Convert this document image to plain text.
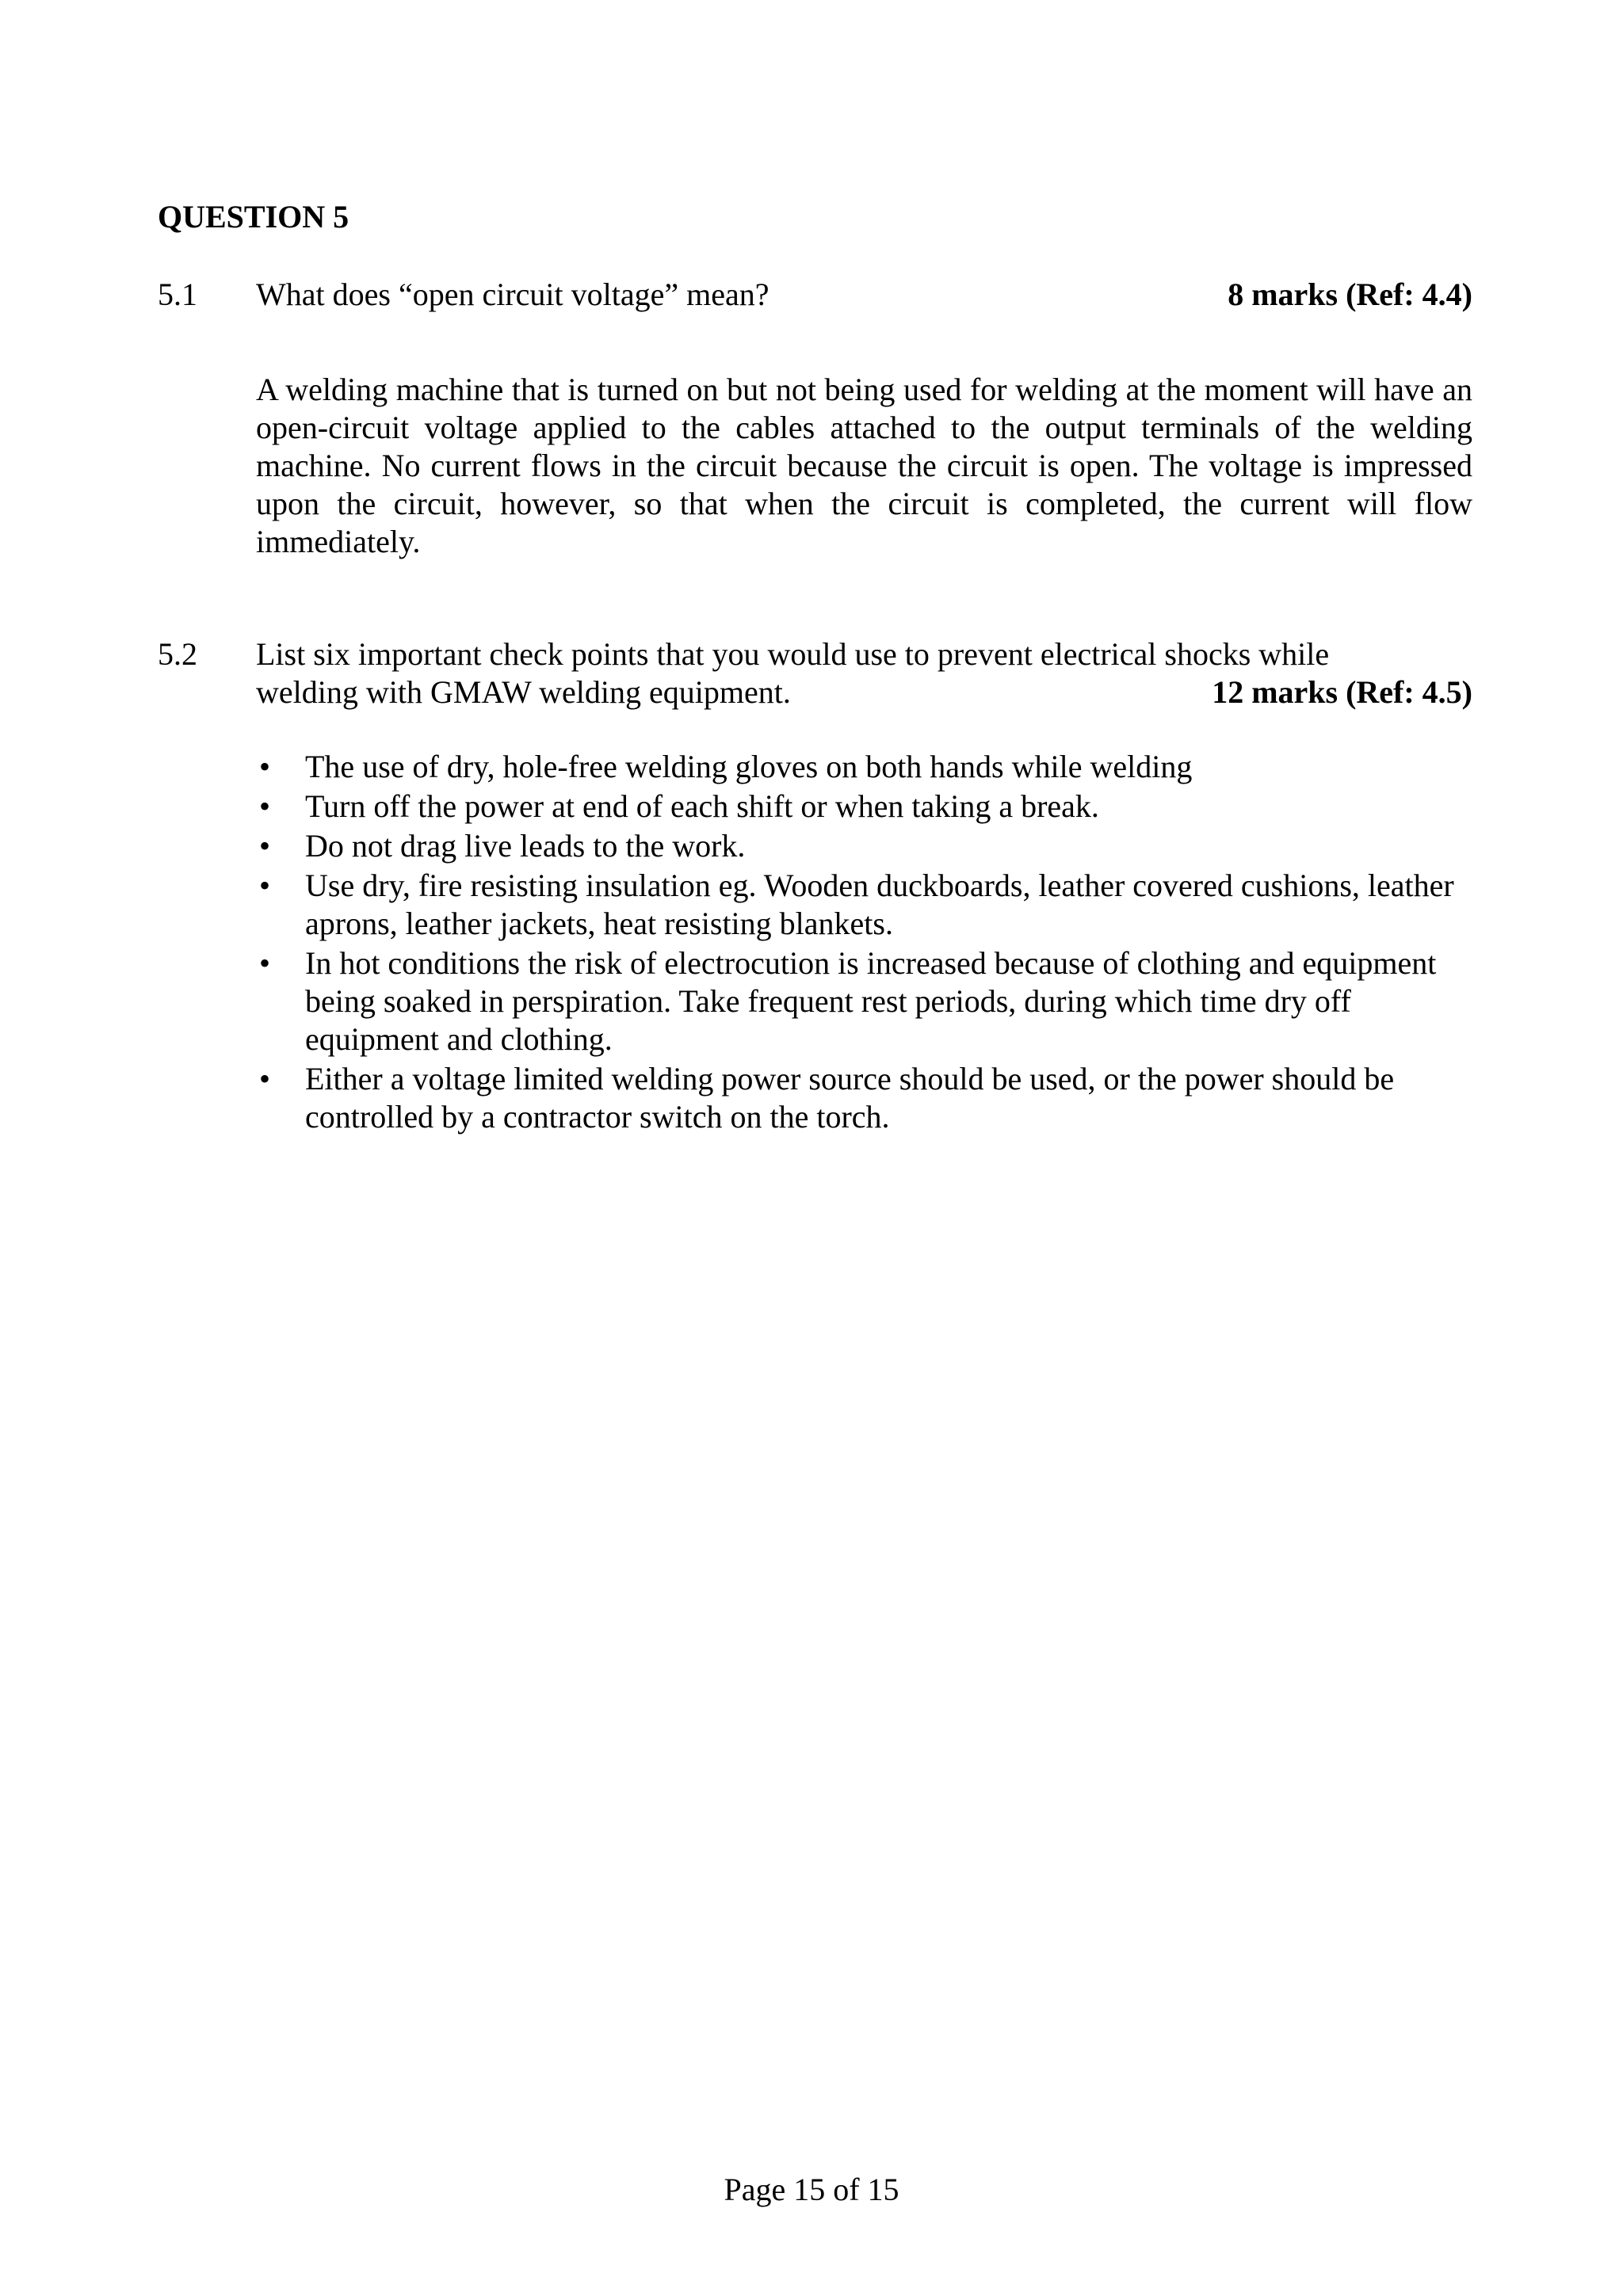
QUESTION 5
5.1 What does “open circuit voltage” mean?	8 marks (Ref: 4.4)

A welding machine that is turned on but not being used for welding at the moment will have an open-circuit voltage applied to the cables attached to the output terminals of the welding machine. No current flows in the circuit because the circuit is open. The voltage is impressed upon the circuit, however, so that when the circuit is completed, the current will flow immediately.

5.2 List six important check points that you would use to prevent electrical shocks while
welding with GMAW welding equipment.	12 marks (Ref: 4.5)
•	The use of dry, hole-free welding gloves on both hands while welding
•	Turn off the power at end of each shift or when taking a break.
•	Do not drag live leads to the work.
•	Use dry, fire resisting insulation eg. Wooden duckboards, leather covered cushions, leather aprons, leather jackets, heat resisting blankets.
•	In hot conditions the risk of electrocution is increased because of clothing and equipment being soaked in perspiration. Take frequent rest periods, during which time dry off equipment and clothing.
•	Either a voltage limited welding power source should be used, or the power should be controlled by a contractor switch on the torch.
Page 15 of 15
